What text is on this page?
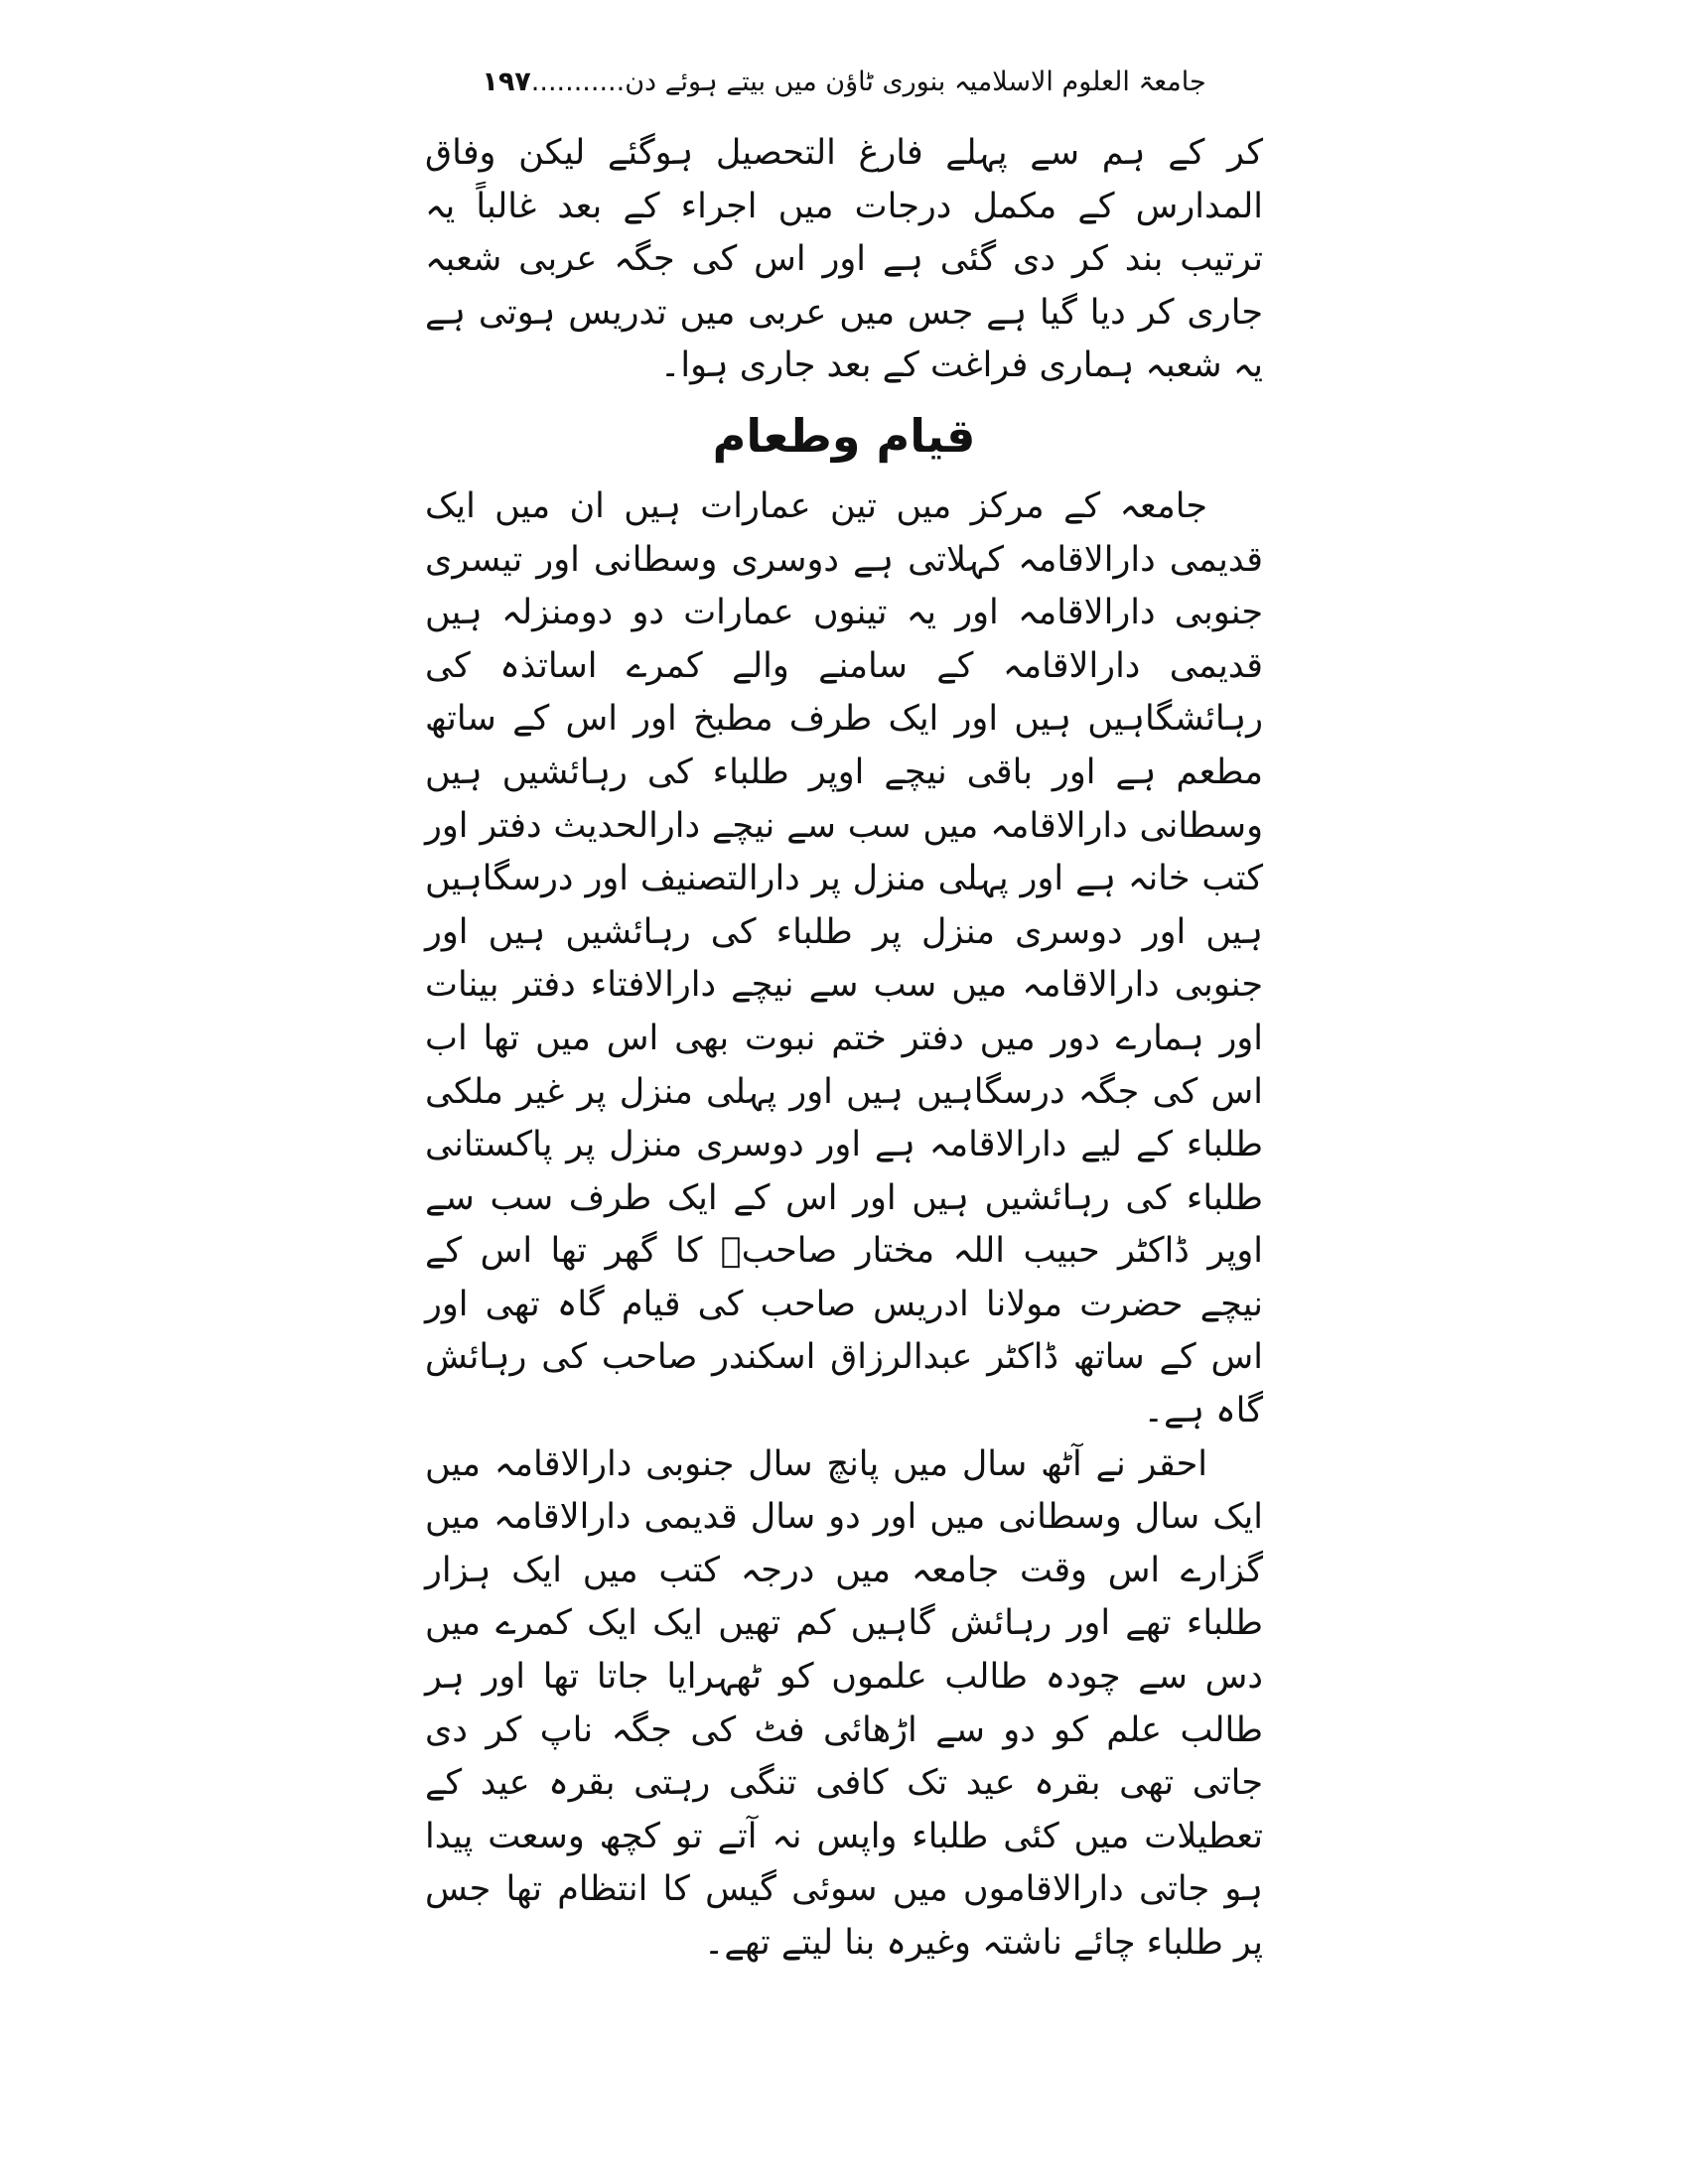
جامعۃ العلوم الاسلامیہ بنوری ٹاؤن میں بیتے ہوئے دن...........۱۹۷

کر کے ہم سے پہلے فارغ التحصیل ہوگئے لیکن وفاق المدارس کے مکمل درجات میں اجراء کے بعد غالباً یہ ترتیب بند کر دی گئی ہے اور اس کی جگہ عربی شعبہ جاری کر دیا گیا ہے جس میں عربی میں تدریس ہوتی ہے یہ شعبہ ہماری فراغت کے بعد جاری ہوا۔

قیام وطعام

جامعہ کے مرکز میں تین عمارات ہیں ان میں ایک قدیمی دارالاقامہ کہلاتی ہے دوسری وسطانی اور تیسری جنوبی دارالاقامہ اور یہ تینوں عمارات دو دومنزلہ ہیں قدیمی دارالاقامہ کے سامنے والے کمرے اساتذہ کی رہائشگاہیں ہیں اور ایک طرف مطبخ اور اس کے ساتھ مطعم ہے اور باقی نیچے اوپر طلباء کی رہائشیں ہیں وسطانی دارالاقامہ میں سب سے نیچے دارالحدیث دفتر اور کتب خانہ ہے اور پہلی منزل پر دارالتصنیف اور درسگاہیں ہیں اور دوسری منزل پر طلباء کی رہائشیں ہیں اور جنوبی دارالاقامہ میں سب سے نیچے دارالافتاء دفتر بینات اور ہمارے دور میں دفتر ختم نبوت بھی اس میں تھا اب اس کی جگہ درسگاہیں ہیں اور پہلی منزل پر غیر ملکی طلباء کے لیے دارالاقامہ ہے اور دوسری منزل پر پاکستانی طلباء کی رہائشیں ہیں اور اس کے ایک طرف سب سے اوپر ڈاکٹر حبیب اللہ مختار صاحبؒ کا گھر تھا اس کے نیچے حضرت مولانا ادریس صاحب کی قیام گاہ تھی اور اس کے ساتھ ڈاکٹر عبدالرزاق اسکندر صاحب کی رہائش گاہ ہے۔

احقر نے آٹھ سال میں پانچ سال جنوبی دارالاقامہ میں ایک سال وسطانی میں اور دو سال قدیمی دارالاقامہ میں گزارے اس وقت جامعہ میں درجہ کتب میں ایک ہزار طلباء تھے اور رہائش گاہیں کم تھیں ایک ایک کمرے میں دس سے چودہ طالب علموں کو ٹھہرایا جاتا تھا اور ہر طالب علم کو دو سے اڑھائی فٹ کی جگہ ناپ کر دی جاتی تھی بقرہ عید تک کافی تنگی رہتی بقرہ عید کے تعطیلات میں کئی طلباء واپس نہ آتے تو کچھ وسعت پیدا ہو جاتی دارالاقاموں میں سوئی گیس کا انتظام تھا جس پر طلباء چائے ناشتہ وغیرہ بنا لیتے تھے۔
